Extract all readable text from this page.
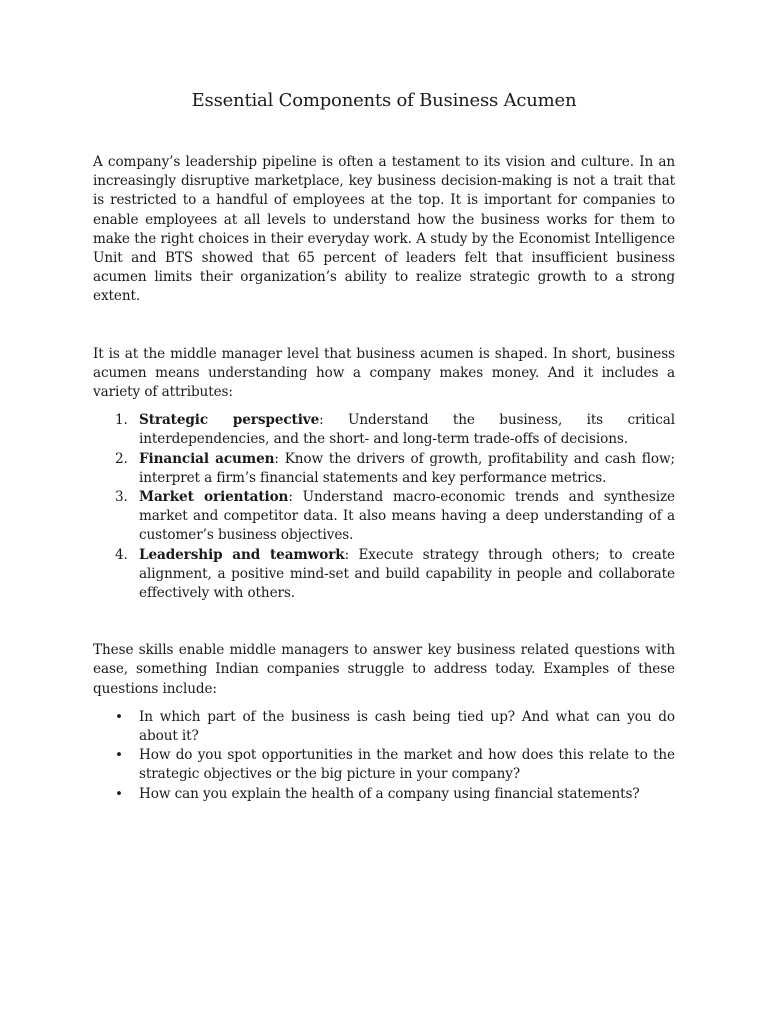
Essential Components of Business Acumen

A company’s leadership pipeline is often a testament to its vision and culture. In an increasingly disruptive marketplace, key business decision-making is not a trait that is restricted to a handful of employees at the top. It is important for companies to enable employees at all levels to understand how the business works for them to make the right choices in their everyday work. A study by the Economist Intelligence Unit and BTS showed that 65 percent of leaders felt that insufficient business acumen limits their organization’s ability to realize strategic growth to a strong extent.

It is at the middle manager level that business acumen is shaped. In short, business acumen means understanding how a company makes money. And it includes a variety of attributes:

1. Strategic perspective: Understand the business, its critical interdependencies, and the short- and long-term trade-offs of decisions.
2. Financial acumen: Know the drivers of growth, profitability and cash flow; interpret a firm’s financial statements and key performance metrics.
3. Market orientation: Understand macro-economic trends and synthesize market and competitor data. It also means having a deep understanding of a customer’s business objectives.
4. Leadership and teamwork: Execute strategy through others; to create alignment, a positive mind-set and build capability in people and collaborate effectively with others.

These skills enable middle managers to answer key business related questions with ease, something Indian companies struggle to address today. Examples of these questions include:

• In which part of the business is cash being tied up? And what can you do about it?
• How do you spot opportunities in the market and how does this relate to the strategic objectives or the big picture in your company?
• How can you explain the health of a company using financial statements?
